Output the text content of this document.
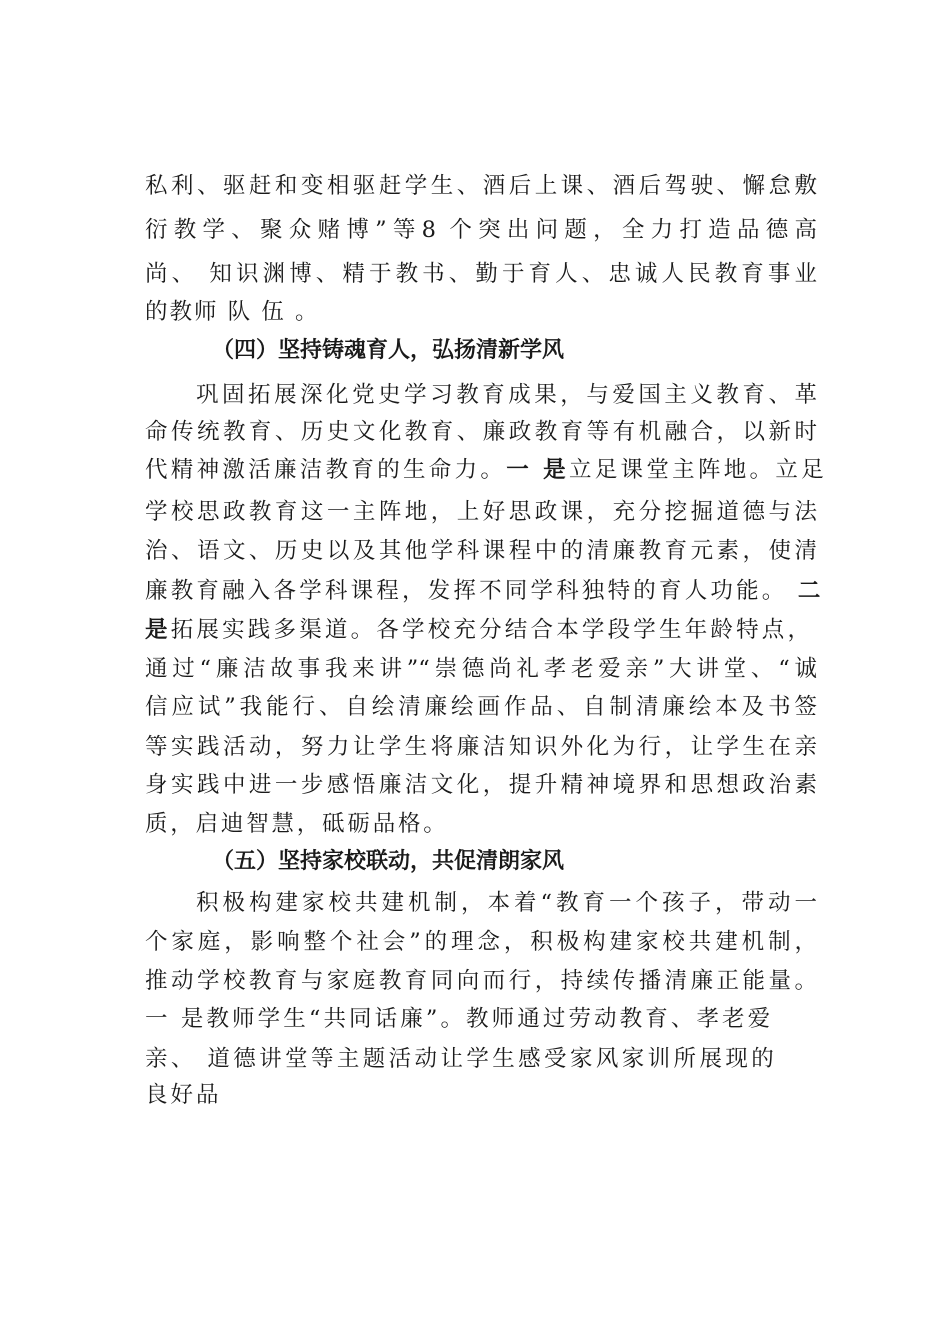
私利、驱赶和变相驱赶学生、酒后上课、酒后驾驶、懈怠敷
衍教学、聚众赌博”等8 个突出问题，全力打造品德高
尚、 知识渊博、精于教书、勤于育人、忠诚人民教育事业
的教师 队 伍 。
（四）坚持铸魂育人，弘扬清新学风
巩固拓展深化党史学习教育成果，与爱国主义教育、革
命传统教育、历史文化教育、廉政教育等有机融合，以新时
代精神激活廉洁教育的生命力。一 是立足课堂主阵地。立足
学校思政教育这一主阵地，上好思政课，充分挖掘道德与法
治、语文、历史以及其他学科课程中的清廉教育元素，使清
廉教育融入各学科课程，发挥不同学科独特的育人功能。 二
是拓展实践多渠道。各学校充分结合本学段学生年龄特点，
通过“廉洁故事我来讲”“崇德尚礼孝老爱亲”大讲堂、“诚
信应试”我能行、自绘清廉绘画作品、自制清廉绘本及书签
等实践活动，努力让学生将廉洁知识外化为行，让学生在亲
身实践中进一步感悟廉洁文化，提升精神境界和思想政治素
质，启迪智慧，砥砺品格。
（五）坚持家校联动，共促清朗家风
积极构建家校共建机制，本着“教育一个孩子，带动一
个家庭，影响整个社会”的理念，积极构建家校共建机制，
推动学校教育与家庭教育同向而行，持续传播清廉正能量。
一 是教师学生“共同话廉”。教师通过劳动教育、孝老爱
亲、 道德讲堂等主题活动让学生感受家风家训所展现的
良好品
